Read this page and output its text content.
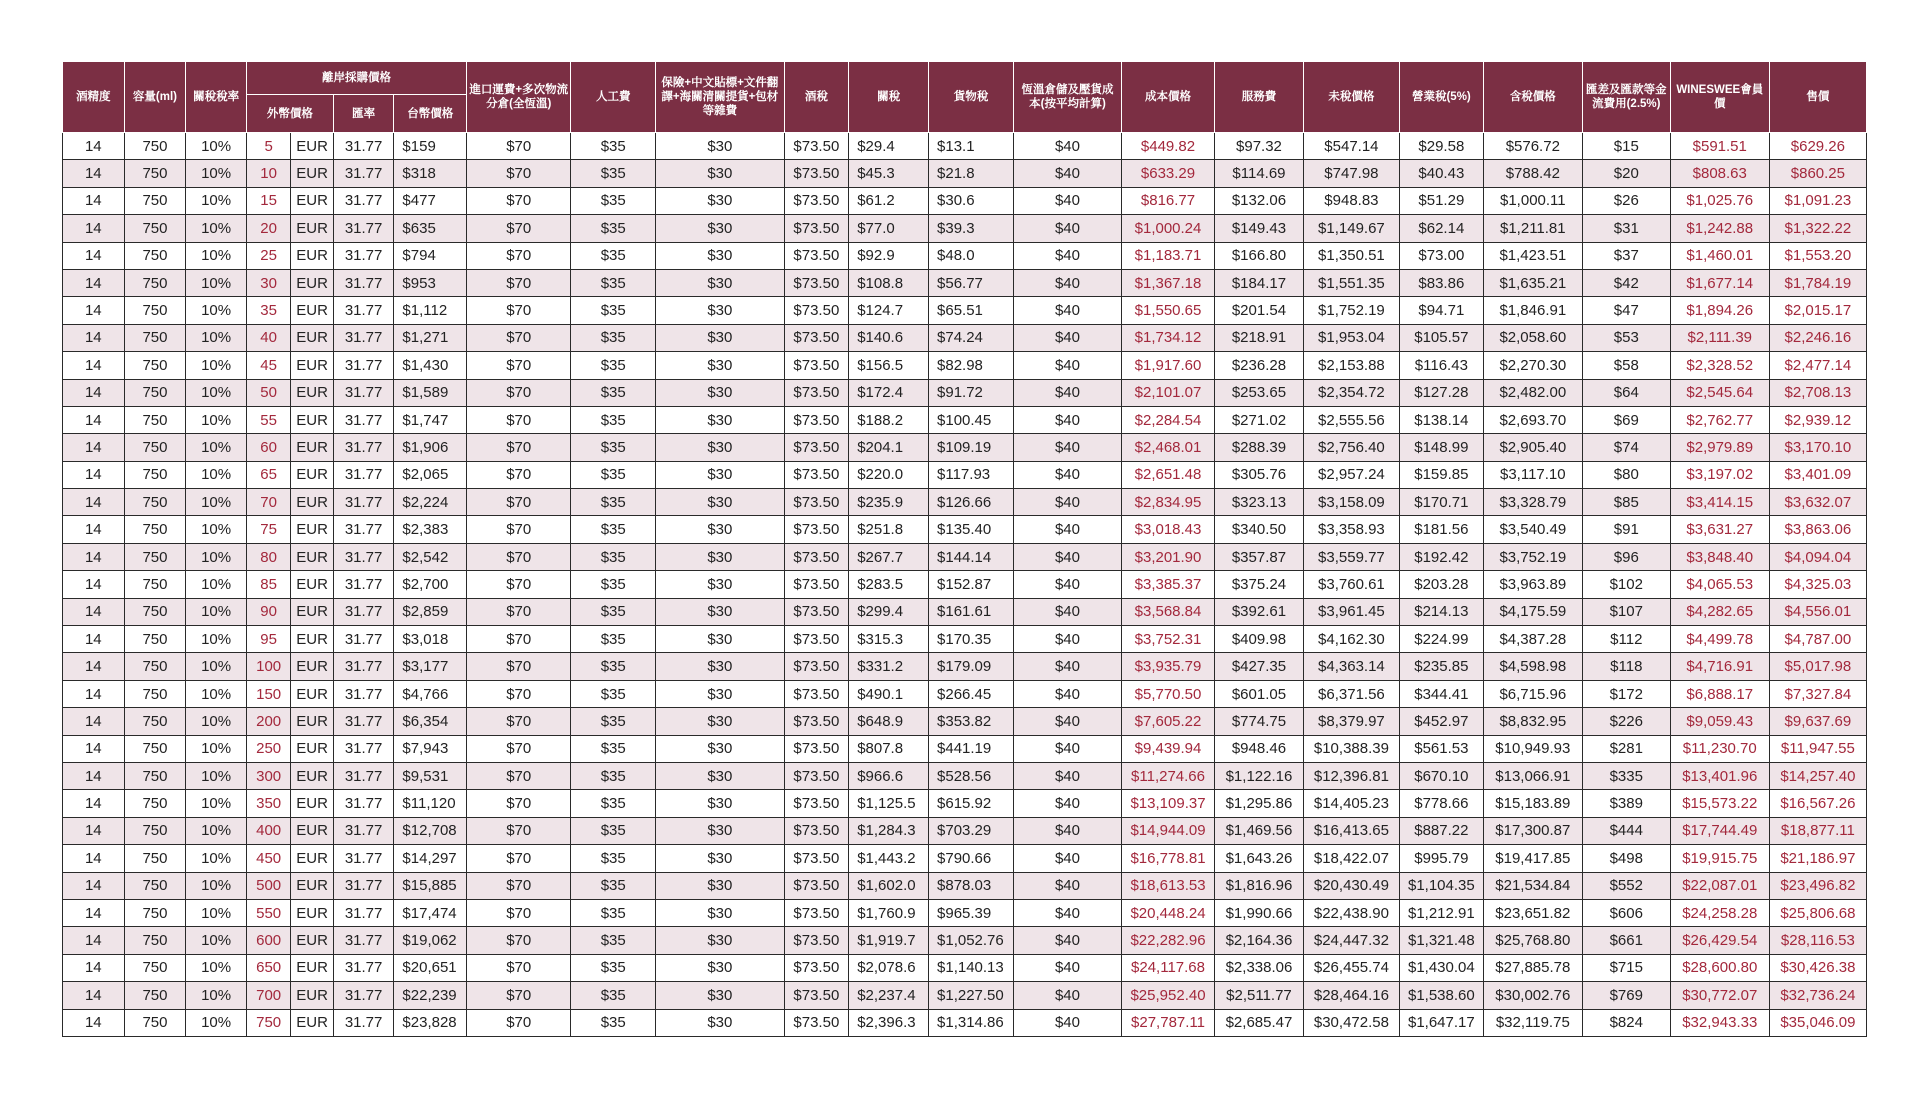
酒精度	容量(ml)	關稅稅率	離岸採購價格				進口運費+多次物流分倉(全恆溫)	人工費	保險+中文貼標+文件翻譯+海關清關提貨+包材等雜費	酒稅	關稅	貨物稅	恆溫倉儲及壓貨成本(按平均計算)	成本價格	服務費	未稅價格	營業稅(5%)	含稅價格	匯差及匯款等金流費用(2.5%)	WINESWEE會員價	售價
			外幣價格		匯率	台幣價格															
14	750	10%	5	EUR	31.77	$159	$70	$35	$30	$73.50	$29.4	$13.1	$40	$449.82	$97.32	$547.14	$29.58	$576.72	$15	$591.51	$629.26
14	750	10%	10	EUR	31.77	$318	$70	$35	$30	$73.50	$45.3	$21.8	$40	$633.29	$114.69	$747.98	$40.43	$788.42	$20	$808.63	$860.25
14	750	10%	15	EUR	31.77	$477	$70	$35	$30	$73.50	$61.2	$30.6	$40	$816.77	$132.06	$948.83	$51.29	$1,000.11	$26	$1,025.76	$1,091.23
14	750	10%	20	EUR	31.77	$635	$70	$35	$30	$73.50	$77.0	$39.3	$40	$1,000.24	$149.43	$1,149.67	$62.14	$1,211.81	$31	$1,242.88	$1,322.22
14	750	10%	25	EUR	31.77	$794	$70	$35	$30	$73.50	$92.9	$48.0	$40	$1,183.71	$166.80	$1,350.51	$73.00	$1,423.51	$37	$1,460.01	$1,553.20
14	750	10%	30	EUR	31.77	$953	$70	$35	$30	$73.50	$108.8	$56.77	$40	$1,367.18	$184.17	$1,551.35	$83.86	$1,635.21	$42	$1,677.14	$1,784.19
14	750	10%	35	EUR	31.77	$1,112	$70	$35	$30	$73.50	$124.7	$65.51	$40	$1,550.65	$201.54	$1,752.19	$94.71	$1,846.91	$47	$1,894.26	$2,015.17
14	750	10%	40	EUR	31.77	$1,271	$70	$35	$30	$73.50	$140.6	$74.24	$40	$1,734.12	$218.91	$1,953.04	$105.57	$2,058.60	$53	$2,111.39	$2,246.16
14	750	10%	45	EUR	31.77	$1,430	$70	$35	$30	$73.50	$156.5	$82.98	$40	$1,917.60	$236.28	$2,153.88	$116.43	$2,270.30	$58	$2,328.52	$2,477.14
14	750	10%	50	EUR	31.77	$1,589	$70	$35	$30	$73.50	$172.4	$91.72	$40	$2,101.07	$253.65	$2,354.72	$127.28	$2,482.00	$64	$2,545.64	$2,708.13
14	750	10%	55	EUR	31.77	$1,747	$70	$35	$30	$73.50	$188.2	$100.45	$40	$2,284.54	$271.02	$2,555.56	$138.14	$2,693.70	$69	$2,762.77	$2,939.12
14	750	10%	60	EUR	31.77	$1,906	$70	$35	$30	$73.50	$204.1	$109.19	$40	$2,468.01	$288.39	$2,756.40	$148.99	$2,905.40	$74	$2,979.89	$3,170.10
14	750	10%	65	EUR	31.77	$2,065	$70	$35	$30	$73.50	$220.0	$117.93	$40	$2,651.48	$305.76	$2,957.24	$159.85	$3,117.10	$80	$3,197.02	$3,401.09
14	750	10%	70	EUR	31.77	$2,224	$70	$35	$30	$73.50	$235.9	$126.66	$40	$2,834.95	$323.13	$3,158.09	$170.71	$3,328.79	$85	$3,414.15	$3,632.07
14	750	10%	75	EUR	31.77	$2,383	$70	$35	$30	$73.50	$251.8	$135.40	$40	$3,018.43	$340.50	$3,358.93	$181.56	$3,540.49	$91	$3,631.27	$3,863.06
14	750	10%	80	EUR	31.77	$2,542	$70	$35	$30	$73.50	$267.7	$144.14	$40	$3,201.90	$357.87	$3,559.77	$192.42	$3,752.19	$96	$3,848.40	$4,094.04
14	750	10%	85	EUR	31.77	$2,700	$70	$35	$30	$73.50	$283.5	$152.87	$40	$3,385.37	$375.24	$3,760.61	$203.28	$3,963.89	$102	$4,065.53	$4,325.03
14	750	10%	90	EUR	31.77	$2,859	$70	$35	$30	$73.50	$299.4	$161.61	$40	$3,568.84	$392.61	$3,961.45	$214.13	$4,175.59	$107	$4,282.65	$4,556.01
14	750	10%	95	EUR	31.77	$3,018	$70	$35	$30	$73.50	$315.3	$170.35	$40	$3,752.31	$409.98	$4,162.30	$224.99	$4,387.28	$112	$4,499.78	$4,787.00
14	750	10%	100	EUR	31.77	$3,177	$70	$35	$30	$73.50	$331.2	$179.09	$40	$3,935.79	$427.35	$4,363.14	$235.85	$4,598.98	$118	$4,716.91	$5,017.98
14	750	10%	150	EUR	31.77	$4,766	$70	$35	$30	$73.50	$490.1	$266.45	$40	$5,770.50	$601.05	$6,371.56	$344.41	$6,715.96	$172	$6,888.17	$7,327.84
14	750	10%	200	EUR	31.77	$6,354	$70	$35	$30	$73.50	$648.9	$353.82	$40	$7,605.22	$774.75	$8,379.97	$452.97	$8,832.95	$226	$9,059.43	$9,637.69
14	750	10%	250	EUR	31.77	$7,943	$70	$35	$30	$73.50	$807.8	$441.19	$40	$9,439.94	$948.46	$10,388.39	$561.53	$10,949.93	$281	$11,230.70	$11,947.55
14	750	10%	300	EUR	31.77	$9,531	$70	$35	$30	$73.50	$966.6	$528.56	$40	$11,274.66	$1,122.16	$12,396.81	$670.10	$13,066.91	$335	$13,401.96	$14,257.40
14	750	10%	350	EUR	31.77	$11,120	$70	$35	$30	$73.50	$1,125.5	$615.92	$40	$13,109.37	$1,295.86	$14,405.23	$778.66	$15,183.89	$389	$15,573.22	$16,567.26
14	750	10%	400	EUR	31.77	$12,708	$70	$35	$30	$73.50	$1,284.3	$703.29	$40	$14,944.09	$1,469.56	$16,413.65	$887.22	$17,300.87	$444	$17,744.49	$18,877.11
14	750	10%	450	EUR	31.77	$14,297	$70	$35	$30	$73.50	$1,443.2	$790.66	$40	$16,778.81	$1,643.26	$18,422.07	$995.79	$19,417.85	$498	$19,915.75	$21,186.97
14	750	10%	500	EUR	31.77	$15,885	$70	$35	$30	$73.50	$1,602.0	$878.03	$40	$18,613.53	$1,816.96	$20,430.49	$1,104.35	$21,534.84	$552	$22,087.01	$23,496.82
14	750	10%	550	EUR	31.77	$17,474	$70	$35	$30	$73.50	$1,760.9	$965.39	$40	$20,448.24	$1,990.66	$22,438.90	$1,212.91	$23,651.82	$606	$24,258.28	$25,806.68
14	750	10%	600	EUR	31.77	$19,062	$70	$35	$30	$73.50	$1,919.7	$1,052.76	$40	$22,282.96	$2,164.36	$24,447.32	$1,321.48	$25,768.80	$661	$26,429.54	$28,116.53
14	750	10%	650	EUR	31.77	$20,651	$70	$35	$30	$73.50	$2,078.6	$1,140.13	$40	$24,117.68	$2,338.06	$26,455.74	$1,430.04	$27,885.78	$715	$28,600.80	$30,426.38
14	750	10%	700	EUR	31.77	$22,239	$70	$35	$30	$73.50	$2,237.4	$1,227.50	$40	$25,952.40	$2,511.77	$28,464.16	$1,538.60	$30,002.76	$769	$30,772.07	$32,736.24
14	750	10%	750	EUR	31.77	$23,828	$70	$35	$30	$73.50	$2,396.3	$1,314.86	$40	$27,787.11	$2,685.47	$30,472.58	$1,647.17	$32,119.75	$824	$32,943.33	$35,046.09
